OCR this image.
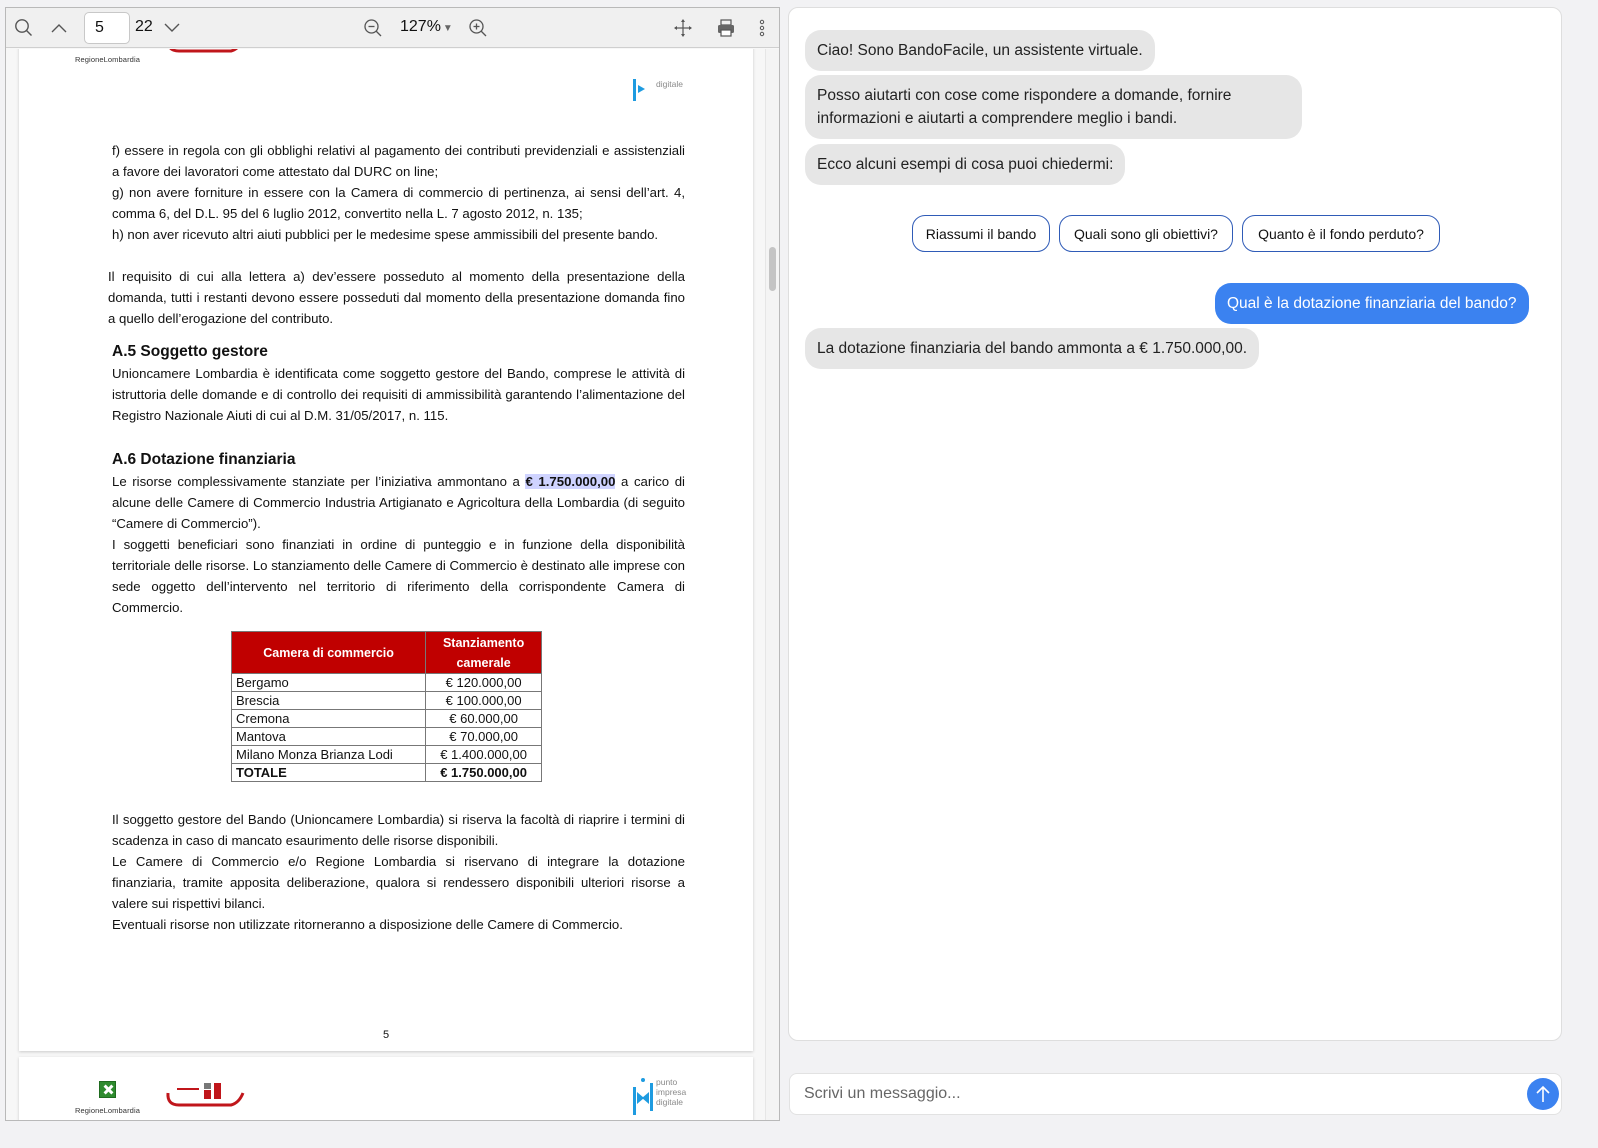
5
22	127% ▼
RegioneLombardia
digitale

f) essere in regola con gli obblighi relativi al pagamento dei contributi previdenziali e assistenziali a favore dei lavoratori come attestato dal DURC on line;

g) non avere forniture in essere con la Camera di commercio di pertinenza, ai sensi dell’art. 4, comma 6, del D.L. 95 del 6 luglio 2012, convertito nella L. 7 agosto 2012, n. 135;

h) non aver ricevuto altri aiuti pubblici per le medesime spese ammissibili del presente bando.

Il requisito di cui alla lettera a) dev’essere posseduto al momento della presentazione della domanda, tutti i restanti devono essere posseduti dal momento della presentazione domanda fino a quello dell’erogazione del contributo.

A.5 Soggetto gestore

Unioncamere Lombardia è identificata come soggetto gestore del Bando, comprese le attività di istruttoria delle domande e di controllo dei requisiti di ammissibilità garantendo l’alimentazione del Registro Nazionale Aiuti di cui al D.M. 31/05/2017, n. 115.

A.6 Dotazione finanziaria

Le risorse complessivamente stanziate per l’iniziativa ammontano a € 1.750.000,00 a carico di alcune delle Camere di Commercio Industria Artigianato e Agricoltura della Lombardia (di seguito “Camere di Commercio”).

I soggetti beneficiari sono finanziati in ordine di punteggio e in funzione della disponibilità territoriale delle risorse. Lo stanziamento delle Camere di Commercio è destinato alle imprese con sede oggetto dell’intervento nel territorio di riferimento della corrispondente Camera di Commercio.

Camera di commercio	Stanziamento camerale
Bergamo	€ 120.000,00
Brescia	€ 100.000,00
Cremona	€ 60.000,00
Mantova	€ 70.000,00
Milano Monza Brianza Lodi	€ 1.400.000,00
TOTALE	€ 1.750.000,00

Il soggetto gestore del Bando (Unioncamere Lombardia) si riserva la facoltà di riaprire i termini di scadenza in caso di mancato esaurimento delle risorse disponibili.

Le Camere di Commercio e/o Regione Lombardia si riservano di integrare la dotazione finanziaria, tramite apposita deliberazione, qualora si rendessero disponibili ulteriori risorse a valere sui rispettivi bilanci.

Eventuali risorse non utilizzate ritorneranno a disposizione delle Camere di Commercio.

5
RegioneLombardia
punto
impresa
digitale
Ciao! Sono BandoFacile, un assistente virtuale.
Posso aiutarti con cose come rispondere a domande, fornire informazioni e aiutarti a comprendere meglio i bandi.
Ecco alcuni esempi di cosa puoi chiedermi:
Riassumi il bando	Quali sono gli obiettivi?	Quanto è il fondo perduto?
Qual è la dotazione finanziaria del bando?
La dotazione finanziaria del bando ammonta a € 1.750.000,00.
Scrivi un messaggio...
